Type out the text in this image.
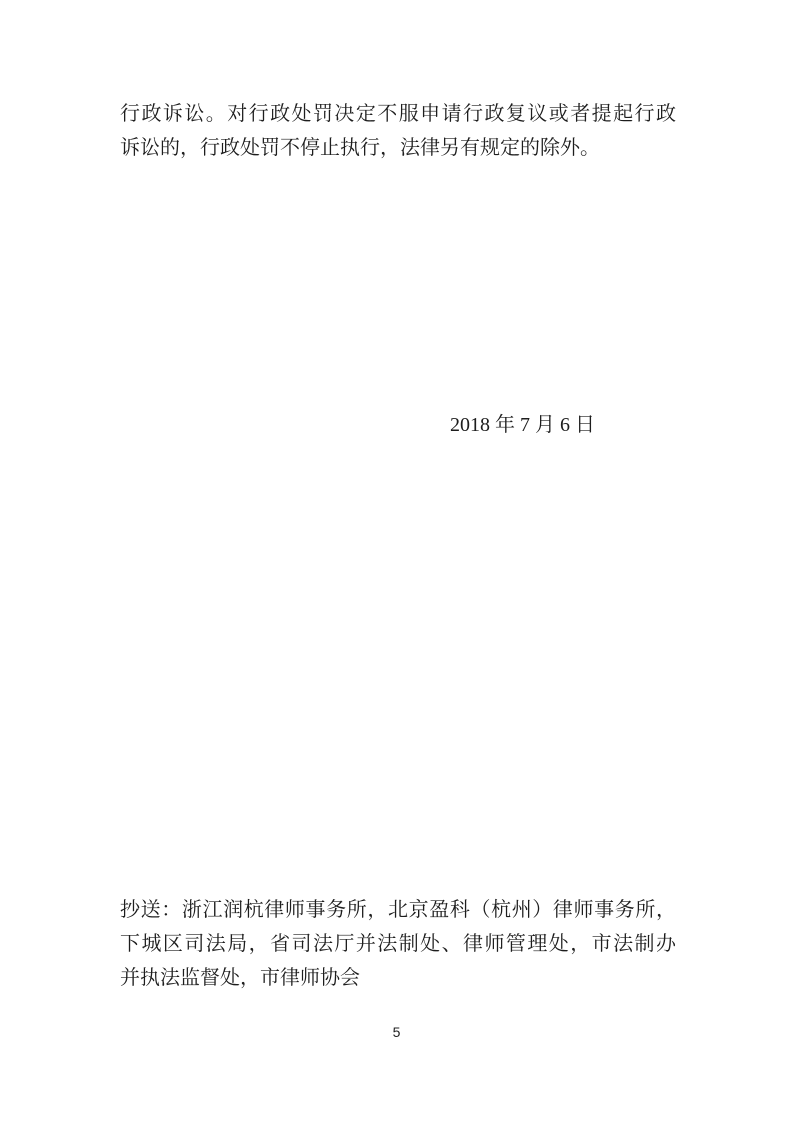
行政诉讼。对行政处罚决定不服申请行政复议或者提起行政
诉讼的，行政处罚不停止执行，法律另有规定的除外。
2018 年 7 月 6 日
抄送：浙江润杭律师事务所，北京盈科（杭州）律师事务所，
下城区司法局，省司法厅并法制处、律师管理处，市法制办
并执法监督处，市律师协会
5
